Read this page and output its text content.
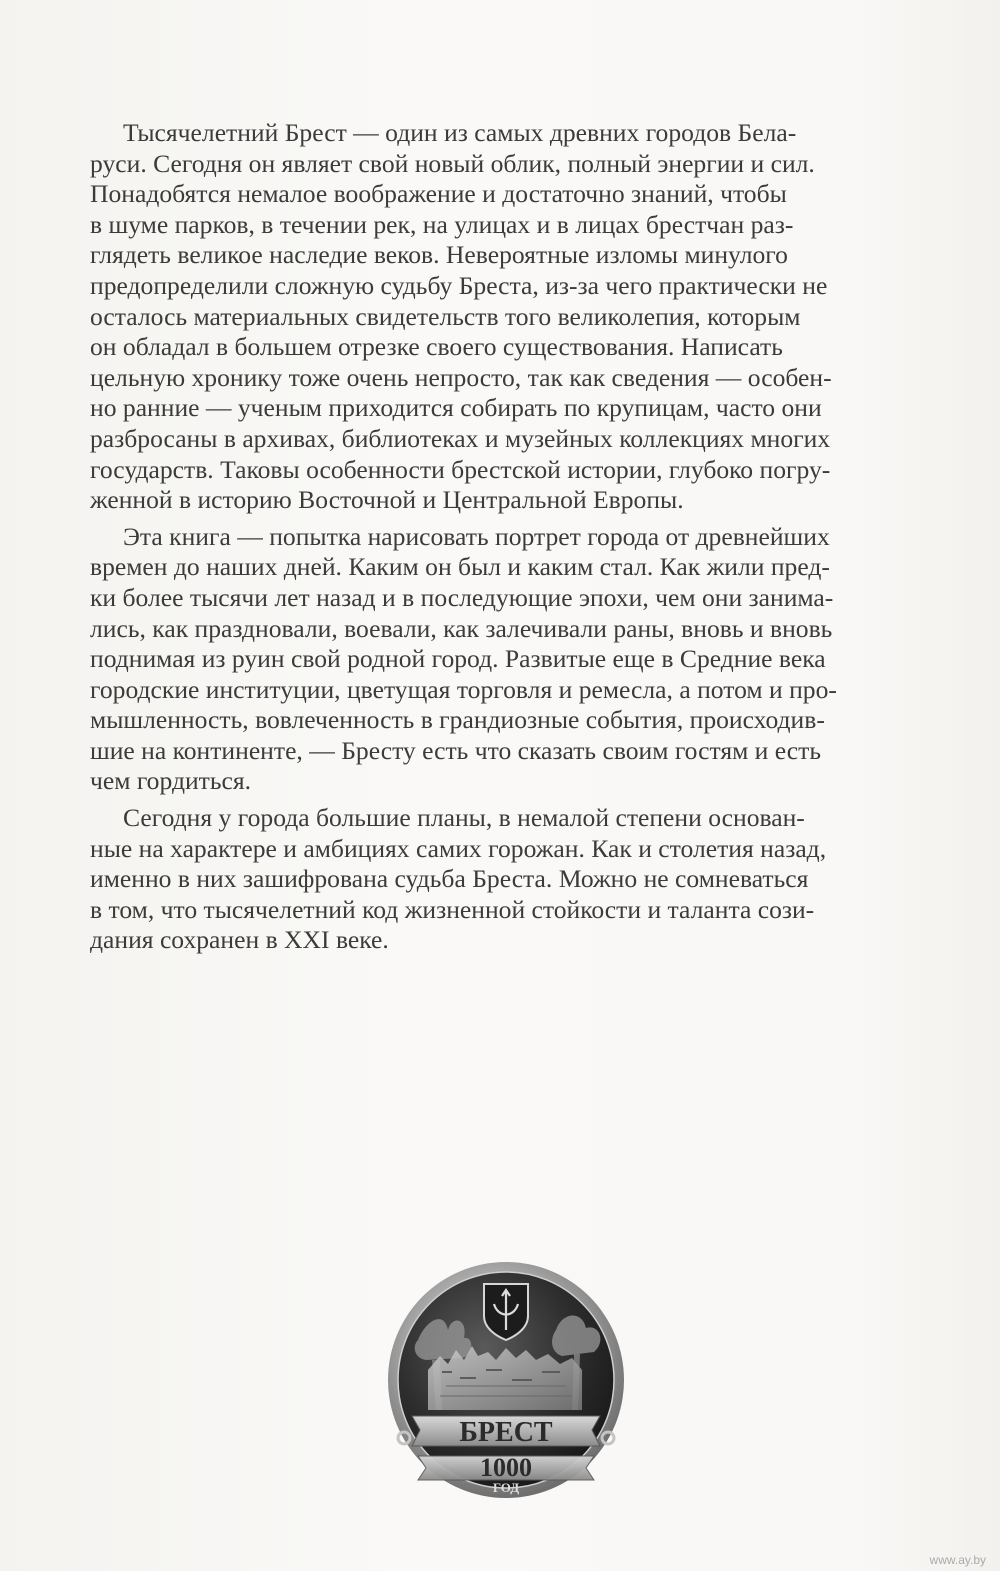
Тысячелетний Брест — один из самых древних городов Бела-
руси. Сегодня он являет свой новый облик, полный энергии и сил.
Понадобятся немалое воображение и достаточно знаний, чтобы
в шуме парков, в течении рек, на улицах и в лицах брестчан раз-
глядеть великое наследие веков. Невероятные изломы минулого
предопределили сложную судьбу Бреста, из-за чего практически не
осталось материальных свидетельств того великолепия, которым
он обладал в большем отрезке своего существования. Написать
цельную хронику тоже очень непросто, так как сведения — особен-
но ранние — ученым приходится собирать по крупицам, часто они
разбросаны в архивах, библиотеках и музейных коллекциях многих
государств. Таковы особенности брестской истории, глубоко погру-
женной в историю Восточной и Центральной Европы.

Эта книга — попытка нарисовать портрет города от древнейших
времен до наших дней. Каким он был и каким стал. Как жили пред-
ки более тысячи лет назад и в последующие эпохи, чем они занима-
лись, как праздновали, воевали, как залечивали раны, вновь и вновь
поднимая из руин свой родной город. Развитые еще в Средние века
городские институции, цветущая торговля и ремесла, а потом и про-
мышленность, вовлеченность в грандиозные события, происходив-
шие на континенте, — Бресту есть что сказать своим гостям и есть
чем гордиться.

Сегодня у города большие планы, в немалой степени основан-
ные на характере и амбициях самих горожан. Как и столетия назад,
именно в них зашифрована судьба Бреста. Можно не сомневаться
в том, что тысячелетний код жизненной стойкости и таланта сози-
дания сохранен в XXI веке.

БРЕСТ
1000
ГОД
www.ay.by
